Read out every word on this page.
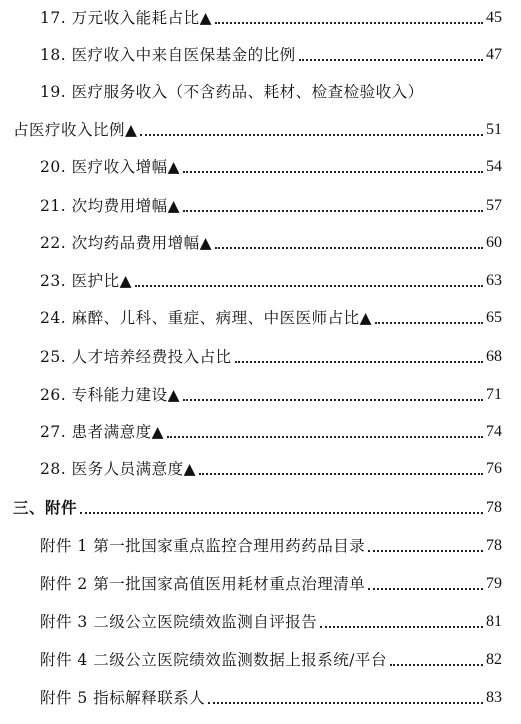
17. 万元收入能耗占比▲	45
18. 医疗收入中来自医保基金的比例	47
19. 医疗服务收入（不含药品、耗材、检查检验收入）
占医疗收入比例▲	51
20. 医疗收入增幅▲	54
21. 次均费用增幅▲	57
22. 次均药品费用增幅▲	60
23. 医护比▲	63
24. 麻醉、儿科、重症、病理、中医医师占比▲	65
25. 人才培养经费投入占比	68
26. 专科能力建设▲	71
27. 患者满意度▲	74
28. 医务人员满意度▲	76
三、附件	78
附件 1 第一批国家重点监控合理用药药品目录	78
附件 2 第一批国家高值医用耗材重点治理清单	79
附件 3 二级公立医院绩效监测自评报告	81
附件 4 二级公立医院绩效监测数据上报系统/平台	82
附件 5 指标解释联系人	83
